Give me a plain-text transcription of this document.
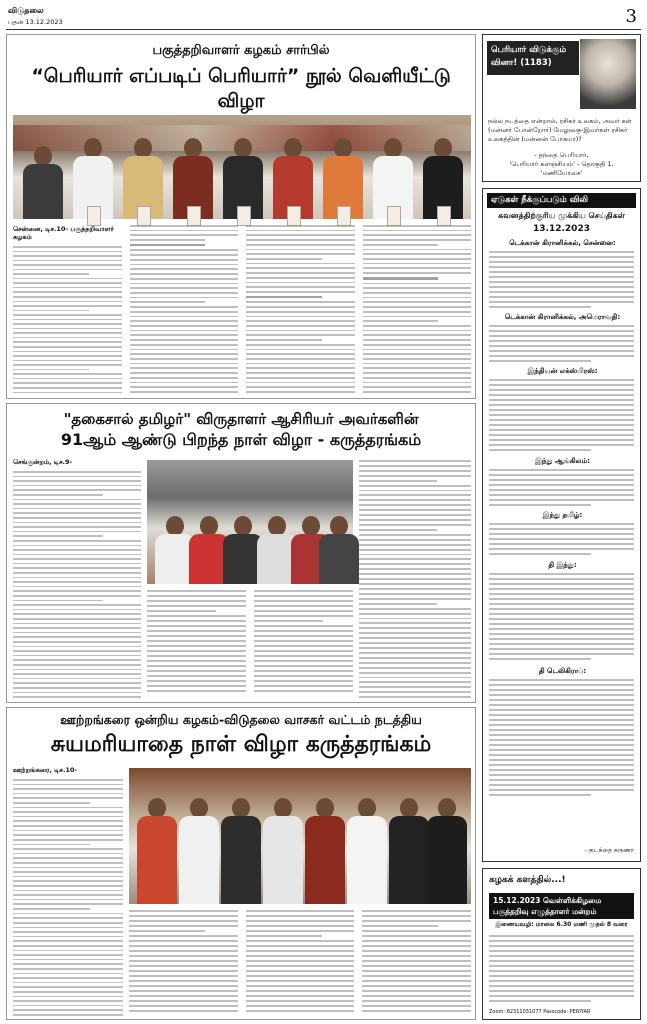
விடுதலை
புதன் 13.12.2023	3
பகுத்தறிவாளர் கழகம் சார்பில்
“பெரியார் எப்படிப் பெரியார்” நூல் வெளியீட்டு விழா
சென்னை, டிச.10- பகுத்தறிவாளர் கழகம்
"தகைசால் தமிழர்" விருதாளர் ஆசிரியர் அவர்களின்
91ஆம் ஆண்டு பிறந்த நாள் விழா - கருத்தரங்கம்
செங்குன்றம், டிச.9-
ஊற்றங்கரை ஒன்றிய கழகம்-விடுதலை வாசகர் வட்டம் நடத்திய
சுயமரியாதை நாள் விழா கருத்தரங்கம்
ஊற்றங்கரை, டிச.10-
பெரியார் விடுக்கும் வினா! (1183)
நல்ல நடத்தை என்றால், ரசிகர் உலகம், அவர் கள் (மன்னர் போன்றோர்) மேலுலகு-இவர்கள் ரசிகர் உலகத்தின் (மன்னன் போகமா)?
- தந்தை பெரியார்,
'பெரியார் களஞ்சியம்' - தொகுதி 1, 'மணியோசை'
ஏடுகள் நீக்குப்படும் விலி
கவனத்திற்குரிய முக்கிய செய்திகள்
13.12.2023
டெக்கான் கிரானிக்கல், சென்னை:
டெக்கான் கிரானிக்கல், அமெராவதி:
இந்தியன் எக்ஸ்பிரஸ்:
இந்து ஆங்கிலம்:
இந்து தமிழ்:
தி இந்து:
தி டெலிகிராப்:
- குடந்தை கருணா
கழகக் களத்தில்...!
15.12.2023 வெள்ளிக்கிழமை பகுத்தறிவு எழுத்தாளர் மன்றம்
இணையவழி: மாலை 6.30 மணி முதல் 8 வரை
Zoom: 82311031077 Passcode: PERIYAR
